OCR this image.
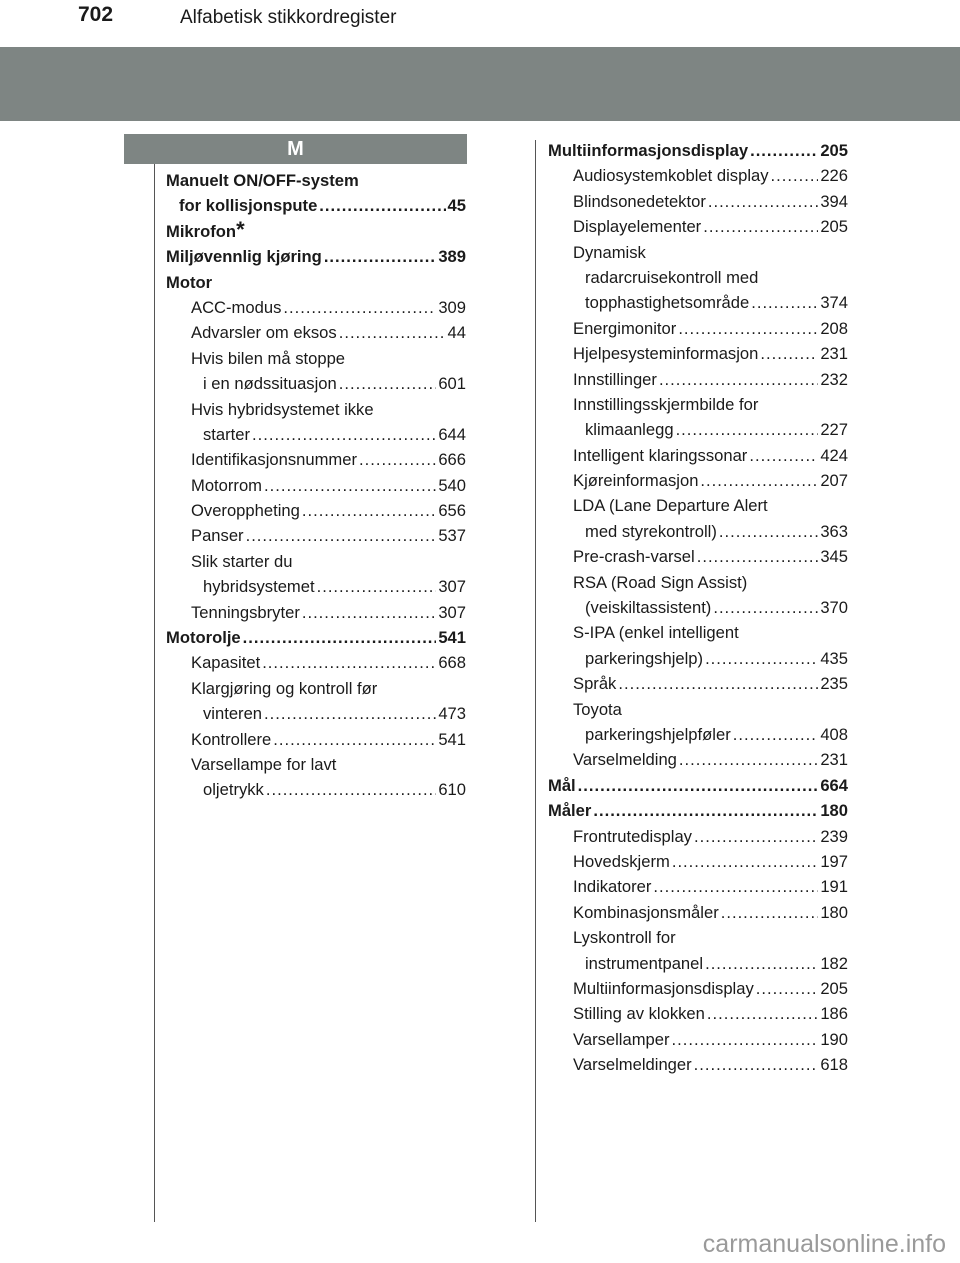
702	Alfabetisk stikkordregister
M
Manuelt ON/OFF-system
for kollisjonspute .....	45
Mikrofon *
Miljøvennlig kjøring .....	389
Motor
ACC-modus .....	309
Advarsler om eksos .....	44
Hvis bilen må stoppe
i en nødssituasjon .....	601
Hvis hybridsystemet ikke
starter .....	644
Identifikasjonsnummer .....	666
Motorrom .....	540
Overoppheting .....	656
Panser .....	537
Slik starter du
hybridsystemet .....	307
Tenningsbryter .....	307
Motorolje .....	541
Kapasitet .....	668
Klargjøring og kontroll før
vinteren .....	473
Kontrollere .....	541
Varsellampe for lavt
oljetrykk .....	610
Multiinformasjonsdisplay .....	205
Audiosystemkoblet display .....	226
Blindsonedetektor .....	394
Displayelementer .....	205
Dynamisk
radarcruisekontroll med
topphastighetsområde .....	374
Energimonitor .....	208
Hjelpesysteminformasjon .....	231
Innstillinger .....	232
Innstillingsskjermbilde for
klimaanlegg .....	227
Intelligent klaringssonar .....	424
Kjøreinformasjon .....	207
LDA (Lane Departure Alert
med styrekontroll) .....	363
Pre-crash-varsel .....	345
RSA (Road Sign Assist)
(veiskiltassistent) .....	370
S-IPA (enkel intelligent
parkeringshjelp) .....	435
Språk .....	235
Toyota
parkeringshjelpføler .....	408
Varselmelding .....	231
Mål .....	664
Måler .....	180
Frontrutedisplay .....	239
Hovedskjerm .....	197
Indikatorer .....	191
Kombinasjonsmåler .....	180
Lyskontroll for
instrumentpanel .....	182
Multiinformasjonsdisplay .....	205
Stilling av klokken .....	186
Varsellamper .....	190
Varselmeldinger .....	618
carmanualsonline.info
